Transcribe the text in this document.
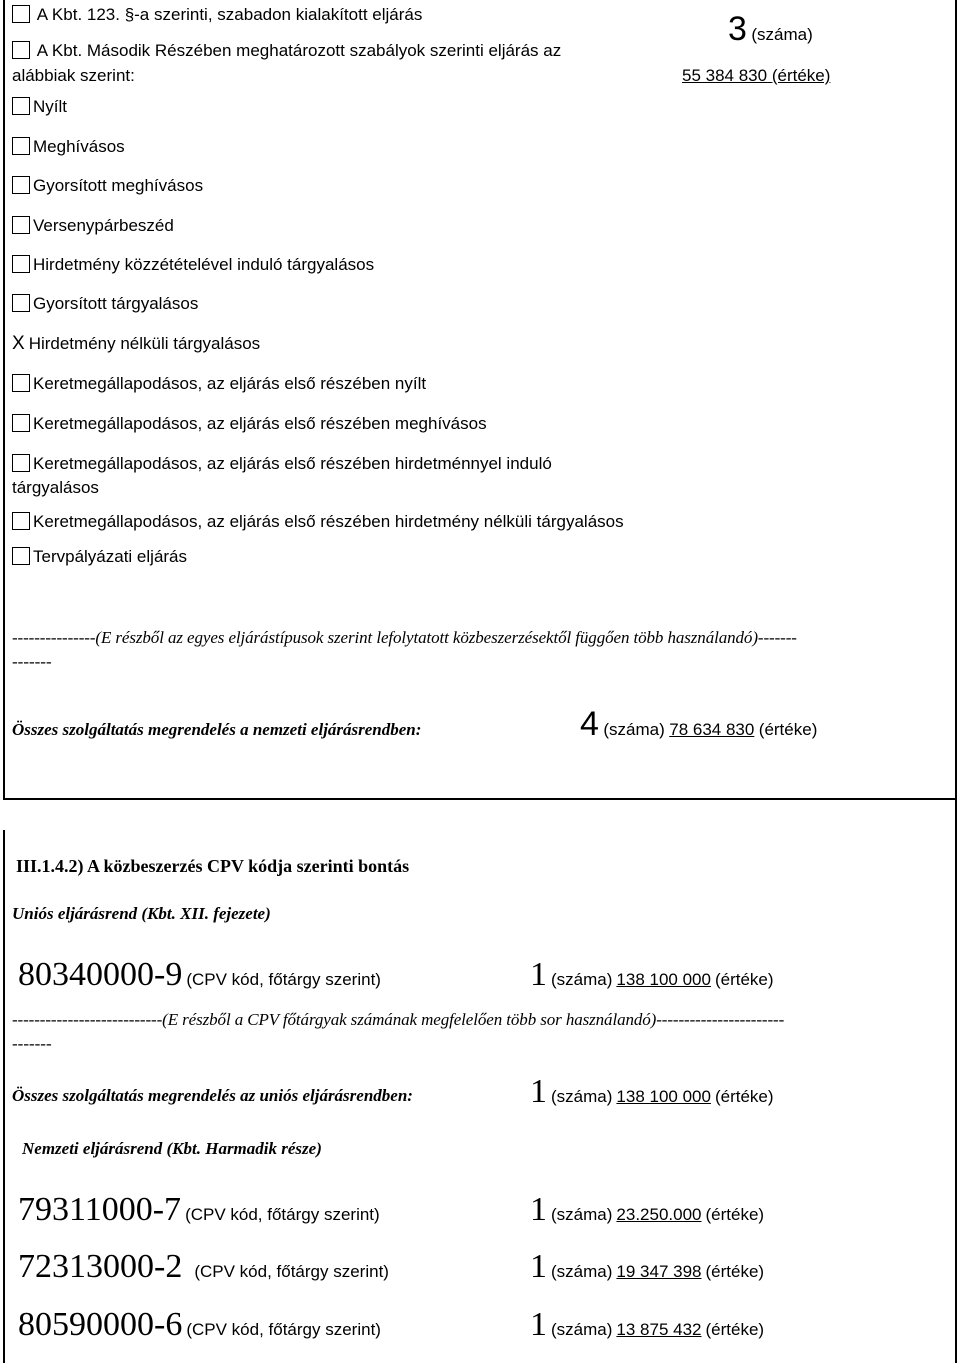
A Kbt. 123. §-a szerinti, szabadon kialakított eljárás
A Kbt. Második Részében meghatározott szabályok szerinti eljárás az
alábbiak szerint:
3 (száma)
55 384 830 (értéke)
Nyílt
Meghívásos
Gyorsított meghívásos
Versenypárbeszéd
Hirdetmény közzétételével induló tárgyalásos
Gyorsított tárgyalásos
X Hirdetmény nélküli tárgyalásos
Keretmegállapodásos, az eljárás első részében nyílt
Keretmegállapodásos, az eljárás első részében meghívásos
Keretmegállapodásos, az eljárás első részében hirdetménnyel induló
tárgyalásos
Keretmegállapodásos, az eljárás első részében hirdetmény nélküli tárgyalásos
Tervpályázati eljárás
---------------(E részből az egyes eljárástípusok szerint lefolytatott közbeszerzésektől függően több használandó)-------
-------
Összes szolgáltatás megrendelés a nemzeti eljárásrendben:	4 (száma) 78 634 830 (értéke)
III.1.4.2) A közbeszerzés CPV kódja szerinti bontás
Uniós eljárásrend (Kbt. XII. fejezete)
80340000-9 (CPV kód, főtárgy szerint)	1 (száma) 138 100 000 (értéke)
---------------------------(E részből a CPV főtárgyak számának megfelelően több sor használandó)-----------------------
-------
Összes szolgáltatás megrendelés az uniós eljárásrendben:	1 (száma) 138 100 000 (értéke)
Nemzeti eljárásrend (Kbt. Harmadik része)
79311000-7 (CPV kód, főtárgy szerint)	1 (száma) 23.250.000 (értéke)
72313000-2 (CPV kód, főtárgy szerint)	1 (száma) 19 347 398 (értéke)
80590000-6 (CPV kód, főtárgy szerint)	1 (száma) 13 875 432 (értéke)
